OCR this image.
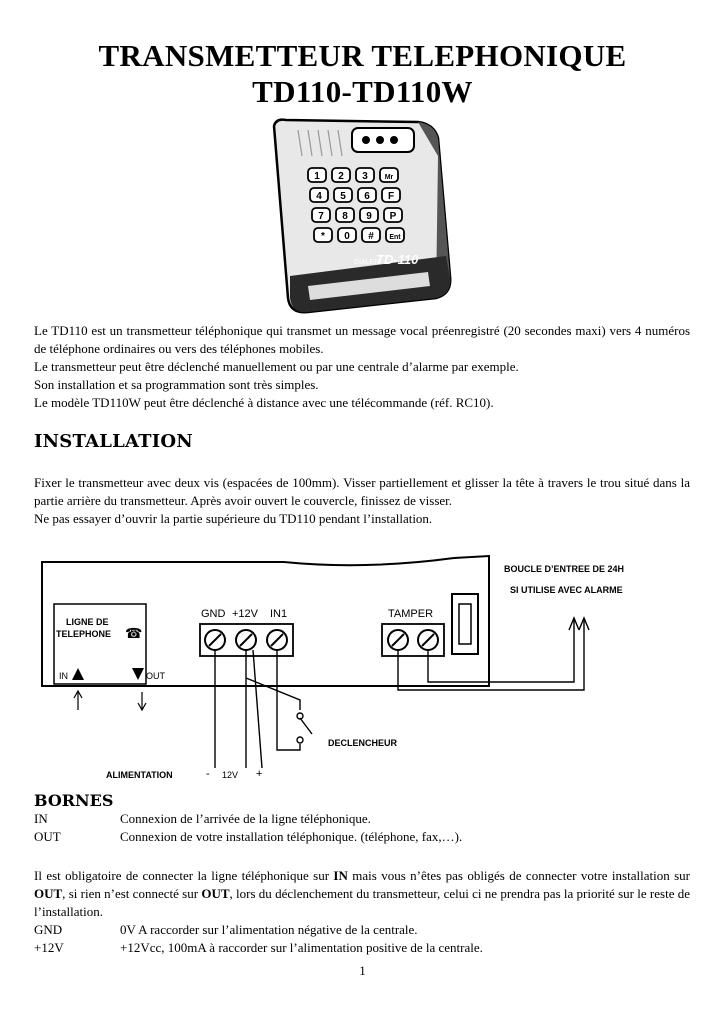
TRANSMETTEUR TELEPHONIQUE
TD110-TD110W
1 2 3 Mr
4 5 6 F
7 8 9 P
* 0 # Ent
DIALER
TD-110

Le TD110 est un transmetteur téléphonique qui transmet un message vocal préenregistré (20 secondes maxi) vers 4 numéros de téléphone ordinaires ou vers des téléphones mobiles.

Le transmetteur peut être déclenché manuellement ou par une centrale d’alarme par exemple.

Son installation et sa programmation sont très simples.

Le modèle TD110W peut être déclenché à distance avec une télécommande (réf. RC10).

INSTALLATION

Fixer le transmetteur avec deux vis (espacées de 100mm). Visser partiellement et glisser la tête à travers le trou situé dans la partie arrière du transmetteur. Après avoir ouvert le couvercle, finissez de visser.

Ne pas essayer d’ouvrir la partie supérieure du TD110 pendant l’installation.

LIGNE DE
TELEPHONE ☎
IN	OUT
GND +12V IN1	TAMPER
BOUCLE D’ENTREE DE 24H
SI UTILISE AVEC ALARME
DECLENCHEUR
ALIMENTATION	- 12V +
BORNES
IN	Connexion de l’arrivée de la ligne téléphonique.
OUT	Connexion de votre installation téléphonique. (téléphone, fax,…).

Il est obligatoire de connecter la ligne téléphonique sur IN mais vous n’êtes pas obligés de connecter votre installation sur OUT, si rien n’est connecté sur OUT, lors du déclenchement du transmetteur, celui ci ne prendra pas la priorité sur le reste de l’installation.

GND	0V A raccorder sur l’alimentation négative de la centrale.
+12V	+12Vcc, 100mA à raccorder sur l’alimentation positive de la centrale.
1
